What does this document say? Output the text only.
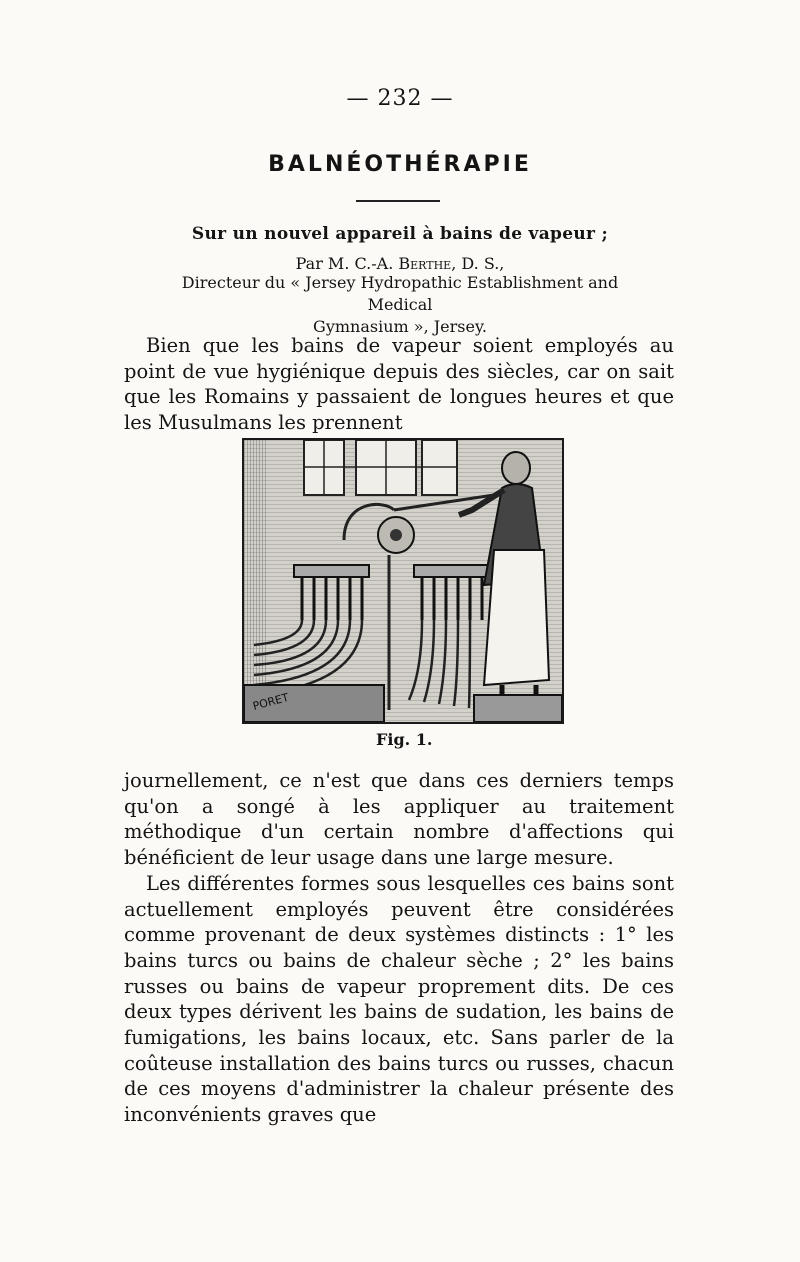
— 232 —
BALNÉOTHÉRAPIE
Sur un nouvel appareil à bains de vapeur ;
Par M. C.-A. Berthe, D. S.,
Directeur du « Jersey Hydropathic Establishment and Medical
Gymnasium », Jersey.

Bien que les bains de vapeur soient employés au point de vue hygiénique depuis des siècles, car on sait que les Romains y passaient de longues heures et que les Musulmans les prennent

PORET
Fig. 1.

journellement, ce n'est que dans ces derniers temps qu'on a songé à les appliquer au traitement méthodique d'un certain nombre d'affections qui bénéficient de leur usage dans une large mesure.

Les différentes formes sous lesquelles ces bains sont actuellement employés peuvent être considérées comme provenant de deux systèmes distincts : 1° les bains turcs ou bains de chaleur sèche ; 2° les bains russes ou bains de vapeur proprement dits. De ces deux types dérivent les bains de sudation, les bains de fumigations, les bains locaux, etc. Sans parler de la coûteuse installation des bains turcs ou russes, chacun de ces moyens d'administrer la chaleur présente des inconvénients graves que
